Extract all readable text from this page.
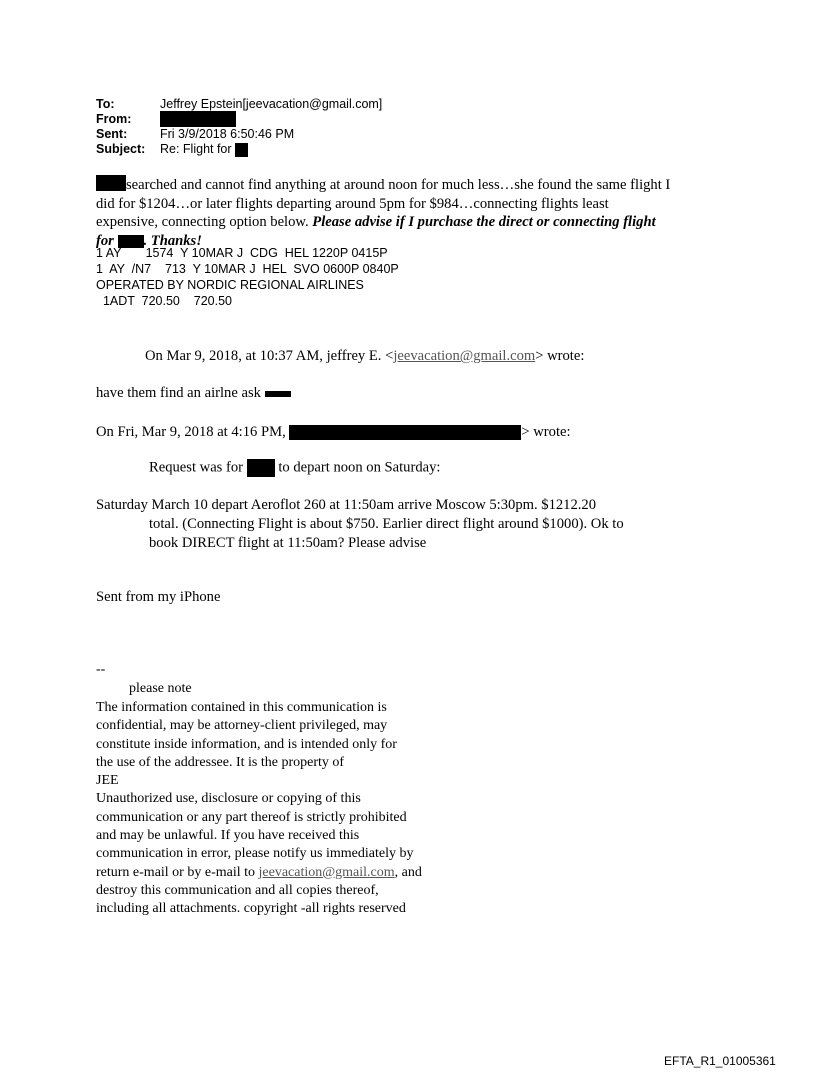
To:	Jeffrey Epstein[jeevacation@gmail.com]
From:
Sent:	Fri 3/9/2018 6:50:46 PM
Subject: Re: Flight for
searched and cannot find anything at around noon for much less…she found the same flight I
did for $1204…or later flights departing around 5pm for $984…connecting flights least
expensive, connecting option below. Please advise if I purchase the direct or connecting flight
for . Thanks!
1 AY       1574  Y 10MAR J  CDG  HEL 1220P 0415P
1  AY  /N7    713  Y 10MAR J  HEL  SVO 0600P 0840P
OPERATED BY NORDIC REGIONAL AIRLINES
1ADT  720.50    720.50
On Mar 9, 2018, at 10:37 AM, jeffrey E. <jeevacation@gmail.com> wrote:
have them find an airlne ask
On Fri, Mar 9, 2018 at 4:16 PM,	> wrote:
Request was for to depart noon on Saturday:
Saturday March 10 depart Aeroflot 260 at 11:50am arrive Moscow 5:30pm. $1212.20
total. (Connecting Flight is about $750. Earlier direct flight around $1000). Ok to
book DIRECT flight at 11:50am? Please advise
Sent from my iPhone
--
please note
The information contained in this communication is
confidential, may be attorney-client privileged, may
constitute inside information, and is intended only for
the use of the addressee. It is the property of
JEE
Unauthorized use, disclosure or copying of this
communication or any part thereof is strictly prohibited
and may be unlawful. If you have received this
communication in error, please notify us immediately by
return e-mail or by e-mail to jeevacation@gmail.com, and
destroy this communication and all copies thereof,
including all attachments. copyright -all rights reserved
EFTA_R1_01005361
